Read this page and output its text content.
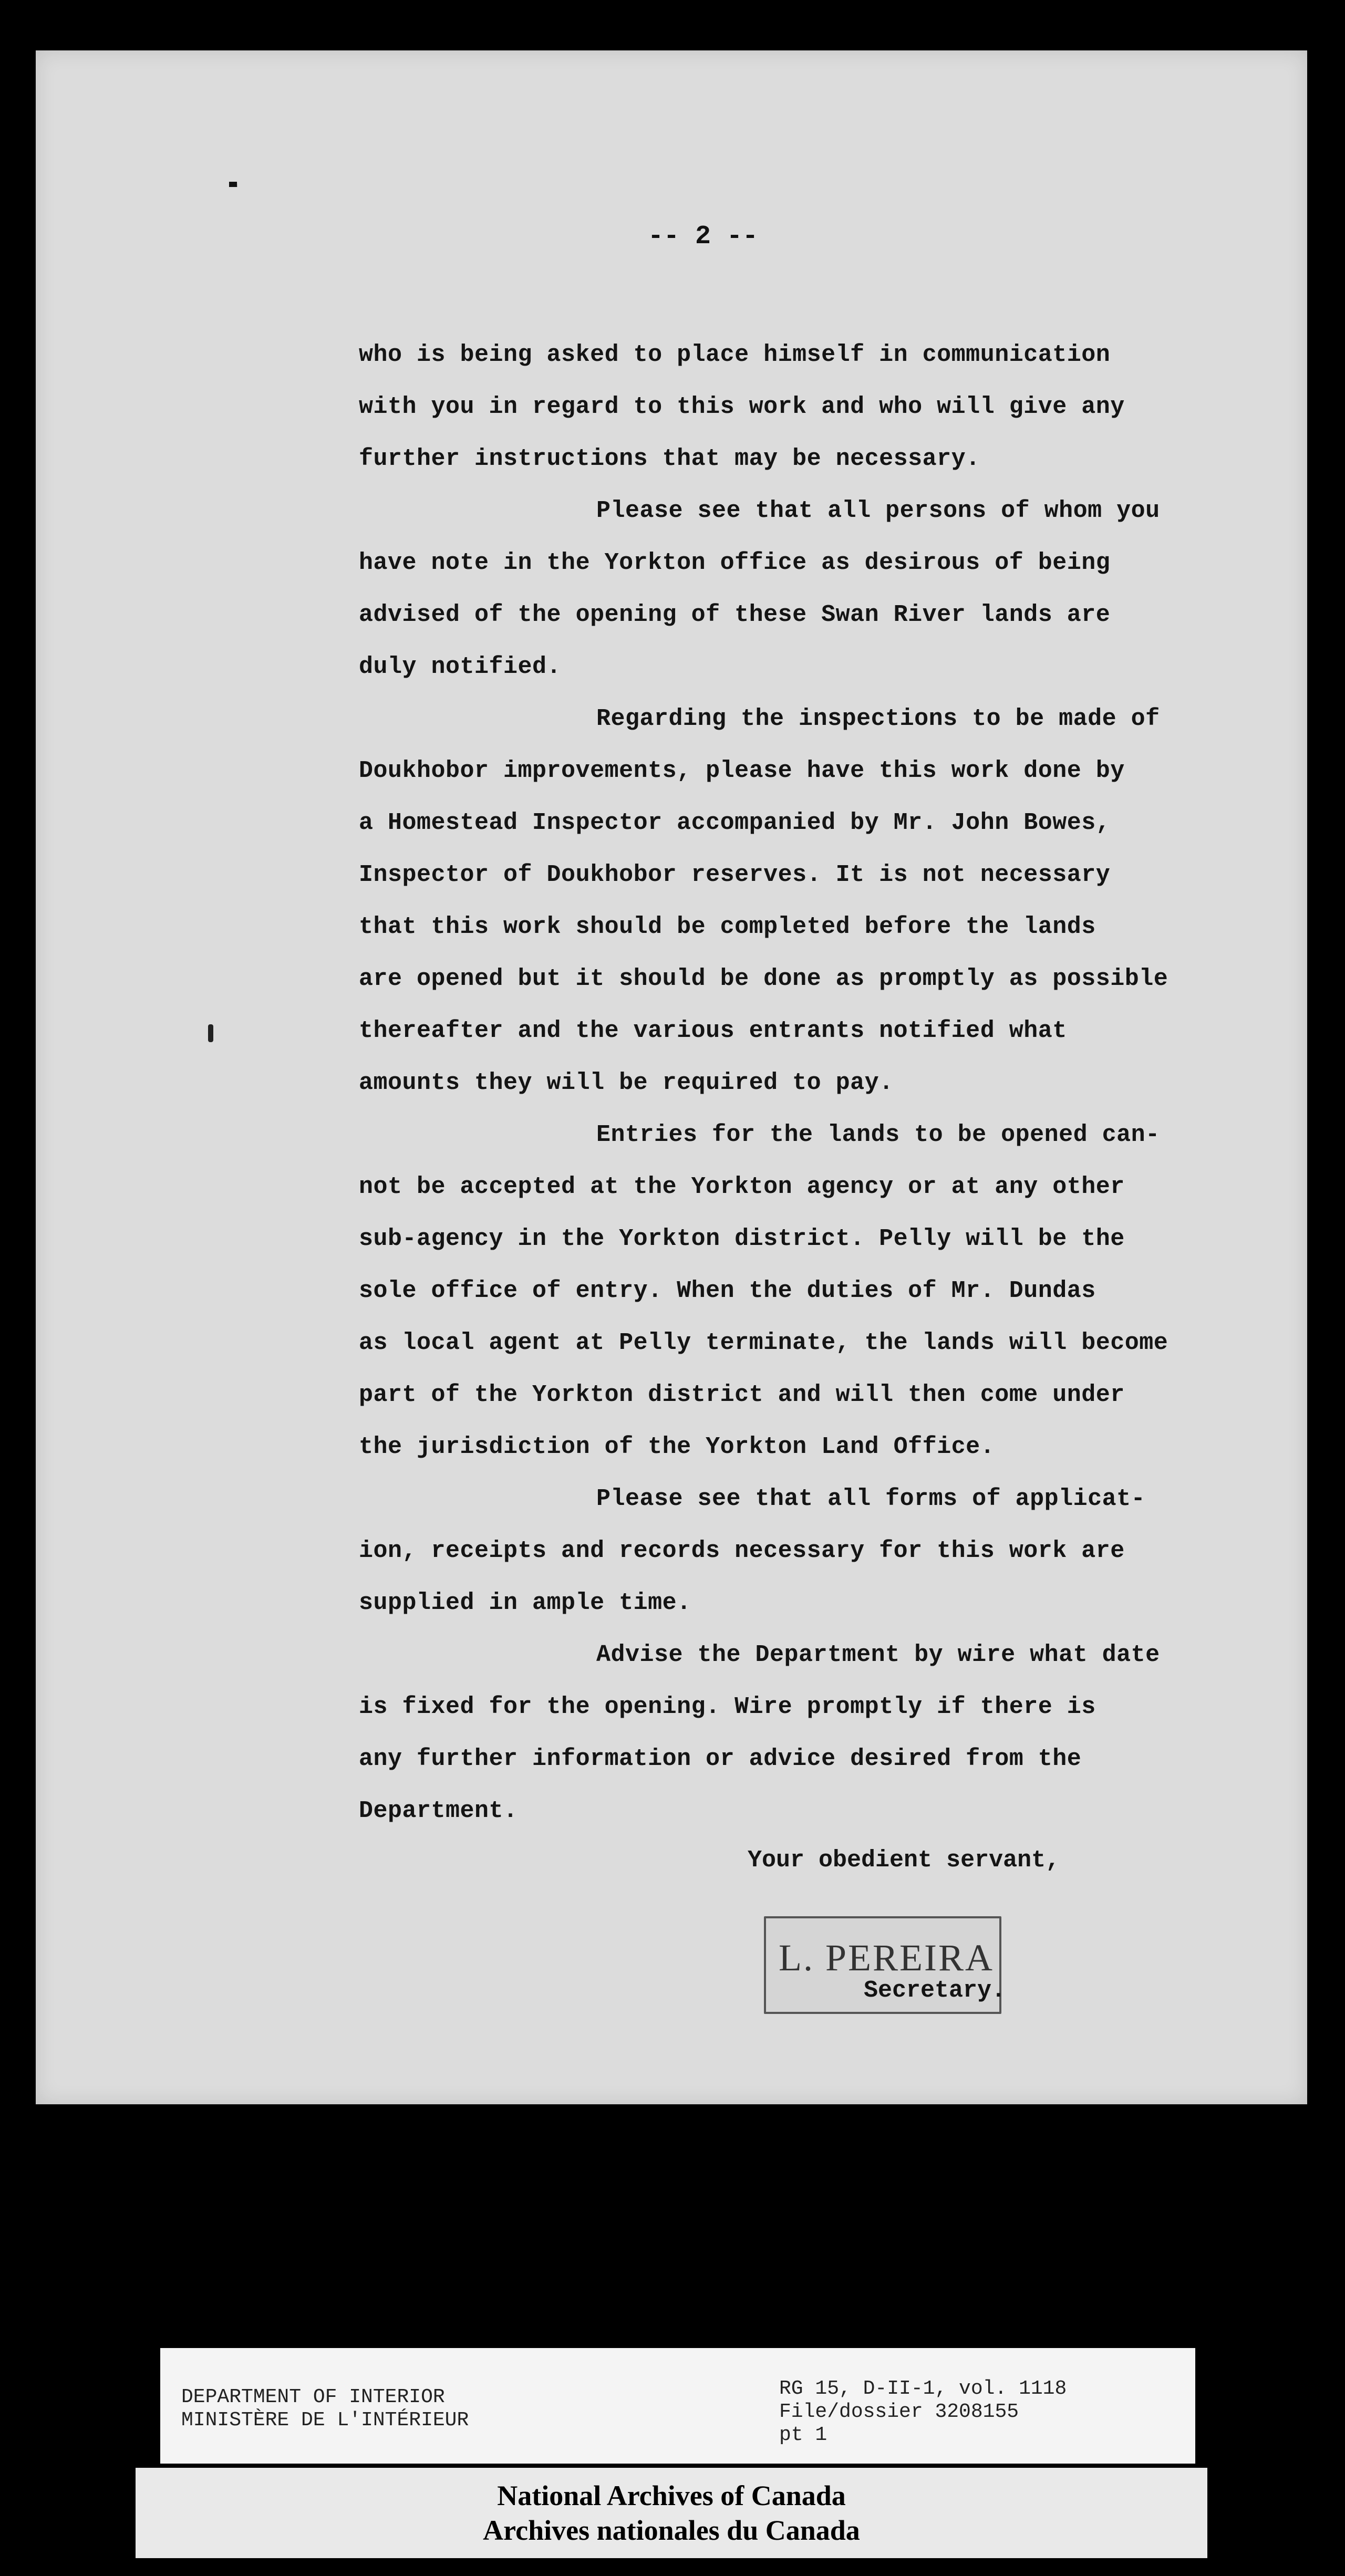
-- 2 --
who is being asked to place himself in communication
with you in regard to this work and who will give any
further instructions that may be necessary.
Please see that all persons of whom you
have note in the Yorkton office as desirous of being
advised of the opening of these Swan River lands are
duly notified.
Regarding the inspections to be made of
Doukhobor improvements, please have this work done by
a Homestead Inspector accompanied by Mr. John Bowes,
Inspector of Doukhobor reserves. It is not necessary
that this work should be completed before the lands
are opened but it should be done as promptly as possible
thereafter and the various entrants notified what
amounts they will be required to pay.
Entries for the lands to be opened can-
not be accepted at the Yorkton agency or at any other
sub-agency in the Yorkton district. Pelly will be the
sole office of entry. When the duties of Mr. Dundas
as local agent at Pelly terminate, the lands will become
part of the Yorkton district and will then come under
the jurisdiction of the Yorkton Land Office.
Please see that all forms of applicat-
ion, receipts and records necessary for this work are
supplied in ample time.
Advise the Department by wire what date
is fixed for the opening. Wire promptly if there is
any further information or advice desired from the
Department.
Your obedient servant,
L. PEREIRA
Secretary.
DEPARTMENT OF INTERIOR
MINISTÈRE DE L'INTÉRIEUR
RG 15, D-II-1, vol. 1118
File/dossier 3208155
pt 1
National Archives of Canada
Archives nationales du Canada
